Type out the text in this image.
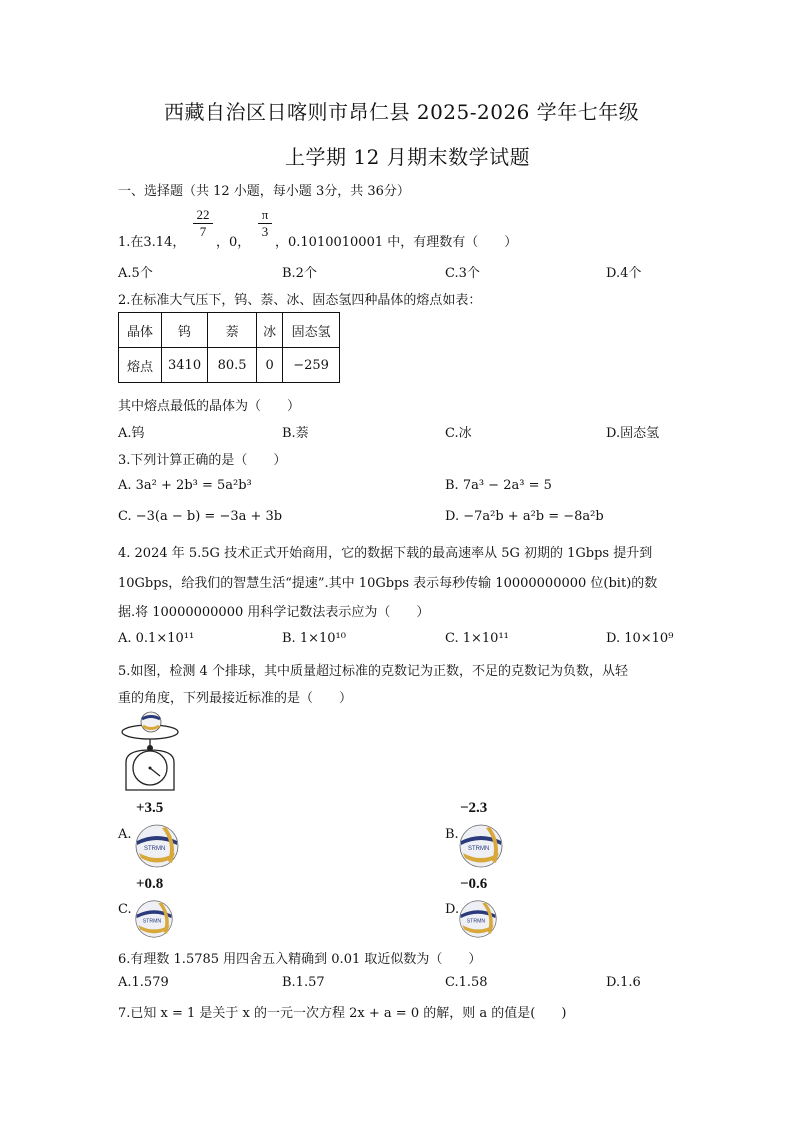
西藏自治区日喀则市昂仁县 2025-2026 学年七年级
上学期 12 月期末数学试题
一、选择题（共 12 小题，每小题 3分，共 36分）
1.在3.14，
22
7
，0，
π
3
，0.1010010001 中，有理数有（　　）
A.5个	B.2个	C.3个	D.4个
2.在标准大气压下，钨、萘、冰、固态氢四种晶体的熔点如表：
晶体	钨	萘	冰	固态氢
熔点	3410	80.5	0	−259
其中熔点最低的晶体为（　　）
A.钨	B.萘	C.冰	D.固态氢
3.下列计算正确的是（　　）
A. 3a² + 2b³ = 5a²b³	B. 7a³ − 2a³ = 5
C. −3(a − b) = −3a + 3b	D. −7a²b + a²b = −8a²b
4. 2024 年 5.5G 技术正式开始商用，它的数据下载的最高速率从 5G 初期的 1Gbps 提升到
10Gbps，给我们的智慧生活“提速”.其中 10Gbps 表示每秒传输 10000000000 位(bit)的数
据.将 10000000000 用科学记数法表示应为（　　）
A. 0.1×10¹¹	B. 1×10¹⁰	C. 1×10¹¹	D. 10×10⁹
5.如图，检测 4 个排球，其中质量超过标准的克数记为正数，不足的克数记为负数，从轻
重的角度，下列最接近标准的是（　　）
+3.5
A.
STRMN
−2.3
B.
STRMN
+0.8
C.
STRMN
−0.6
D.
STRMN
6.有理数 1.5785 用四舍五入精确到 0.01 取近似数为（　　）
A.1.579	B.1.57	C.1.58	D.1.6
7.已知 x = 1 是关于 x 的一元一次方程 2x + a = 0 的解，则 a 的值是(　　)
